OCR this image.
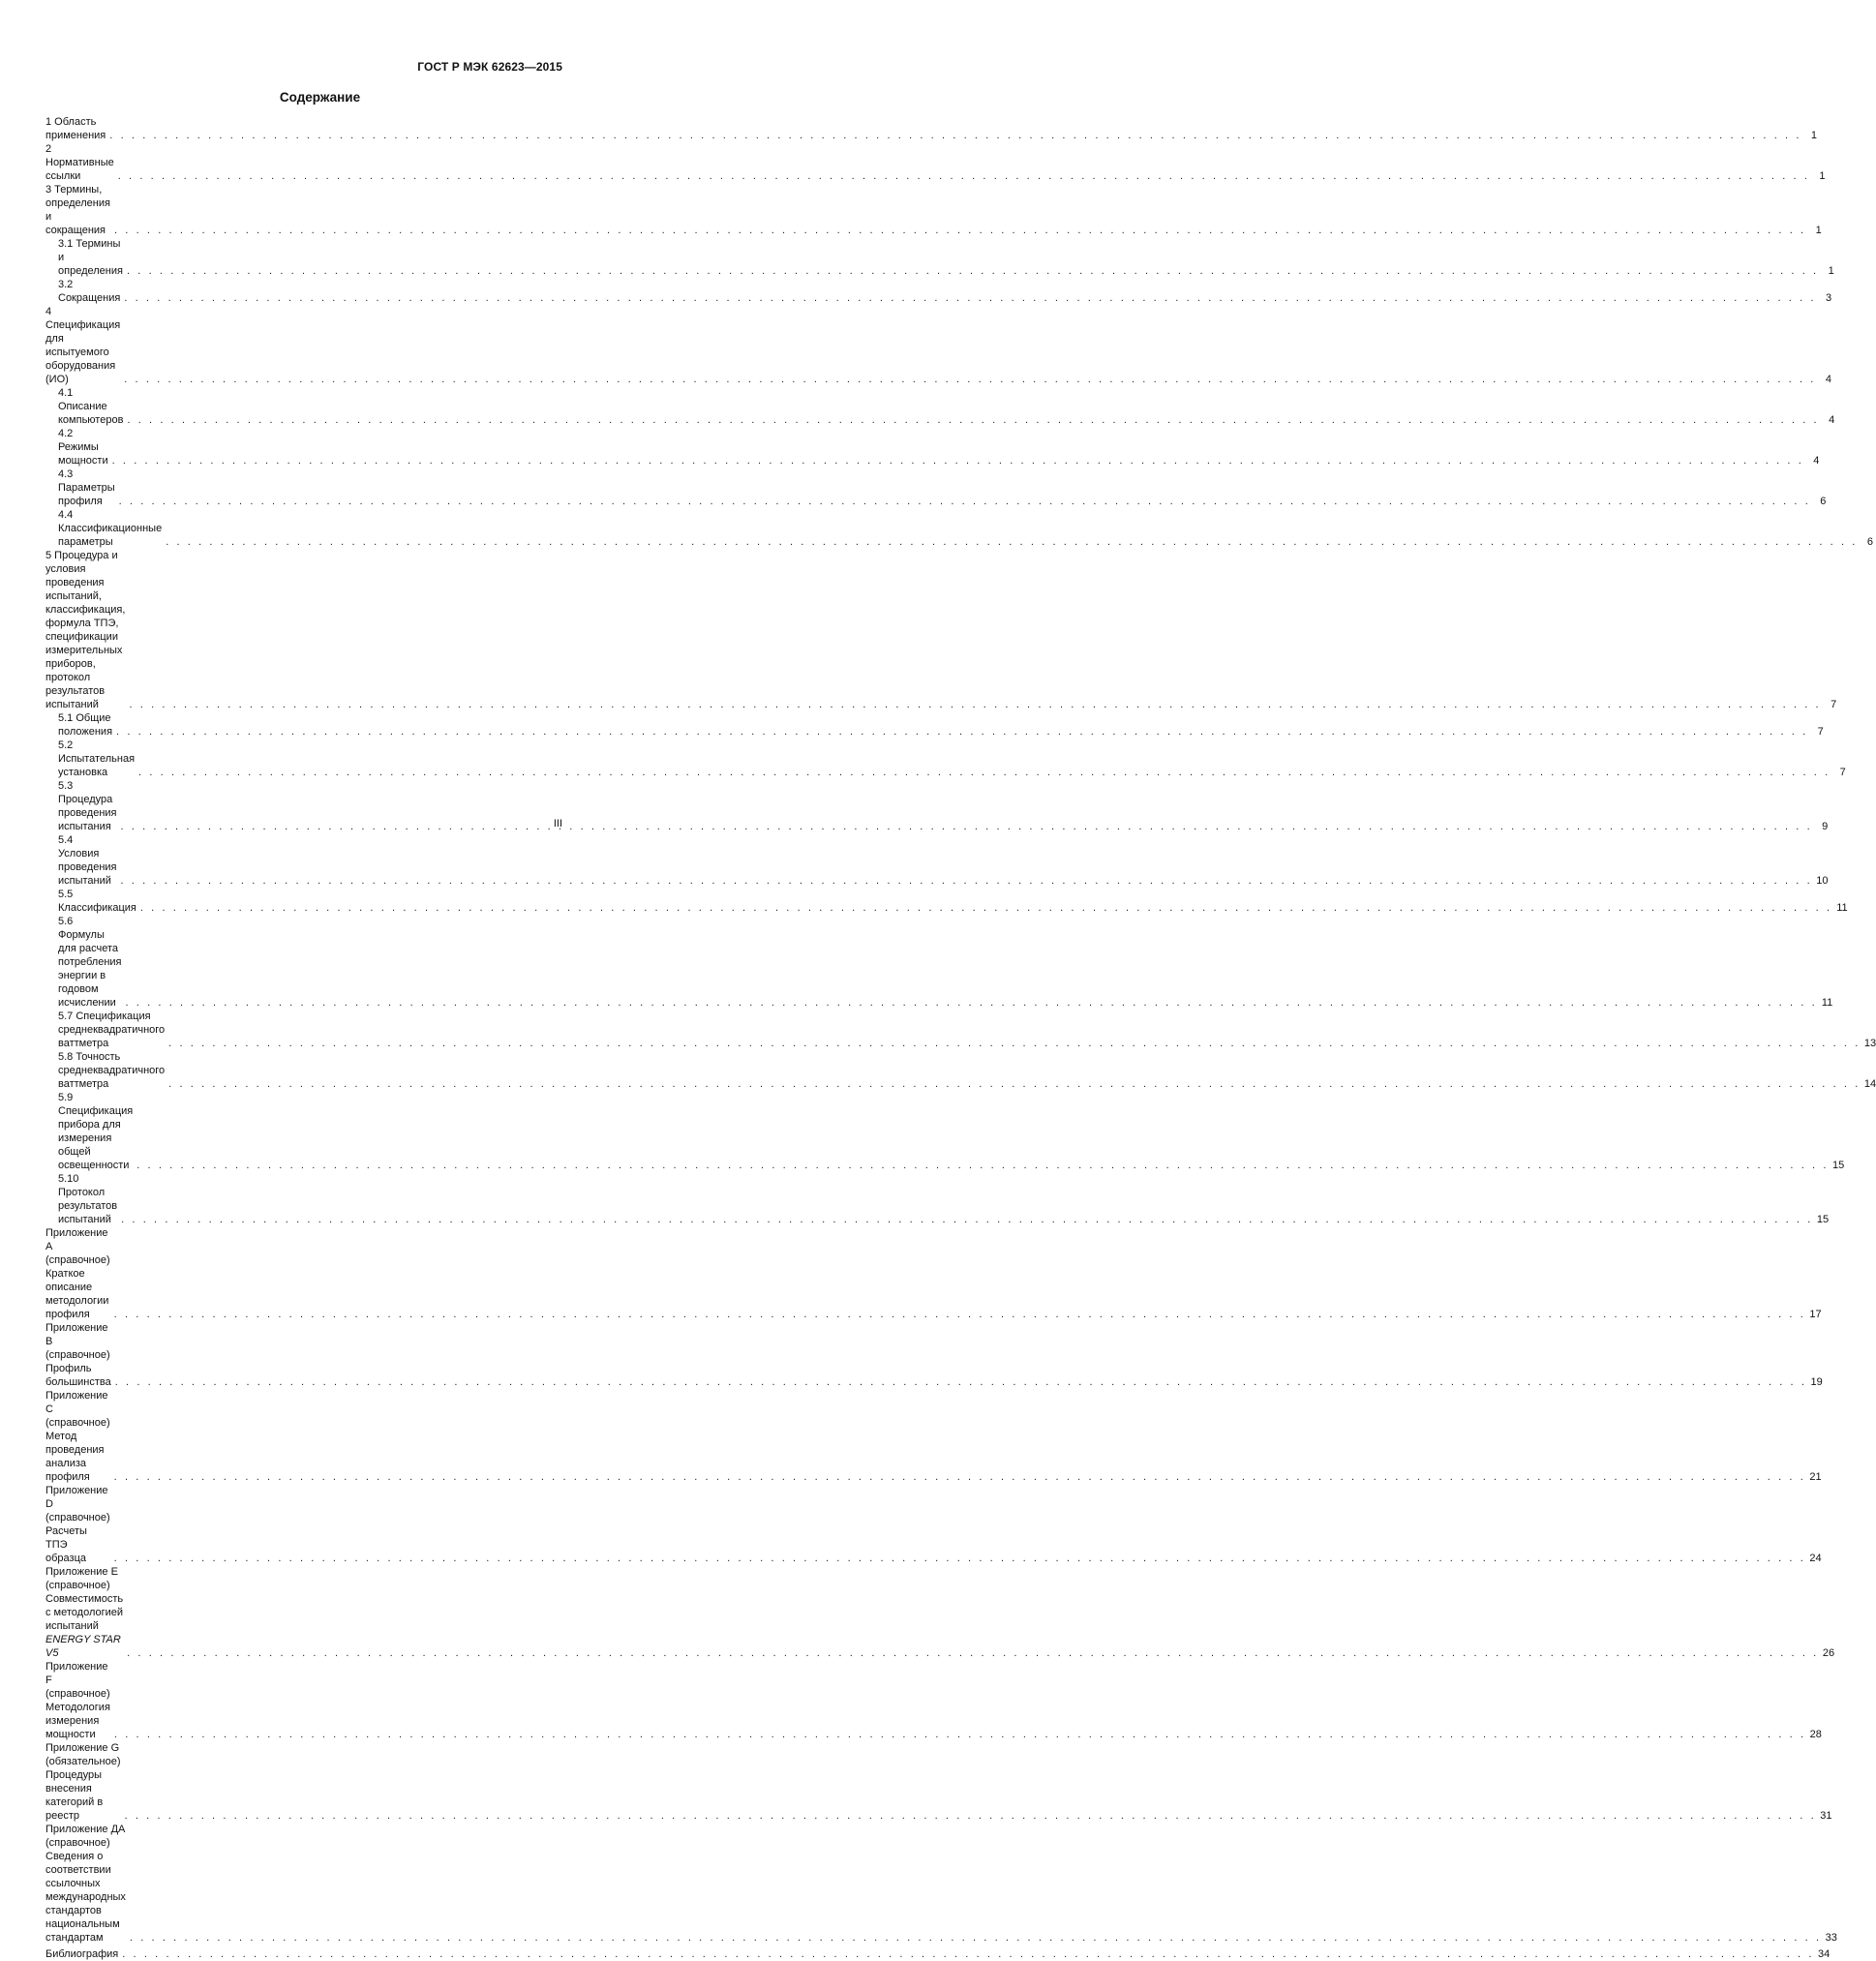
ГОСТ Р МЭК 62623—2015
Содержание
1 Область применения . . .	1
2 Нормативные ссылки . . .	1
3 Термины, определения и сокращения . . .	1
3.1 Термины и определения . . .	1
3.2 Сокращения . . .	3
4 Спецификация для испытуемого оборудования (ИО) . . .	4
4.1 Описание компьютеров . . .	4
4.2 Режимы мощности . . .	4
4.3 Параметры профиля . . .	6
4.4 Классификационные параметры . . .	6
5 Процедура и условия проведения испытаний, классификация, формула ТПЭ, спецификации
измерительных приборов, протокол результатов испытаний . . .	7
5.1 Общие положения . . .	7
5.2 Испытательная установка . . .	7
5.3 Процедура проведения испытания . . .	9
5.4 Условия проведения испытаний . . .	10
5.5 Классификация . . .	11
5.6 Формулы для расчета потребления энергии в годовом исчислении . . .	11
5.7 Спецификация среднеквадратичного ваттметра . . .	13
5.8 Точность среднеквадратичного ваттметра . . .	14
5.9 Спецификация прибора для измерения общей освещенности . . .	15
5.10 Протокол результатов испытаний . . .	15
Приложение А (справочное) Краткое описание методологии профиля . . .	17
Приложение В (справочное) Профиль большинства . . .	19
Приложение С (справочное) Метод проведения анализа профиля . . .	21
Приложение D (справочное) Расчеты ТПЭ образца . . .	24
Приложение Е (справочное) Совместимость с методологией испытаний ENERGY STAR V5 . . .	26
Приложение F (справочное) Методология измерения мощности . . .	28
Приложение G (обязательное) Процедуры внесения категорий в реестр . . .	31
Приложение ДА (справочное) Сведения о соответствии ссылочных международных стандартов
национальным стандартам . . .	33
Библиография . . .	34
III
